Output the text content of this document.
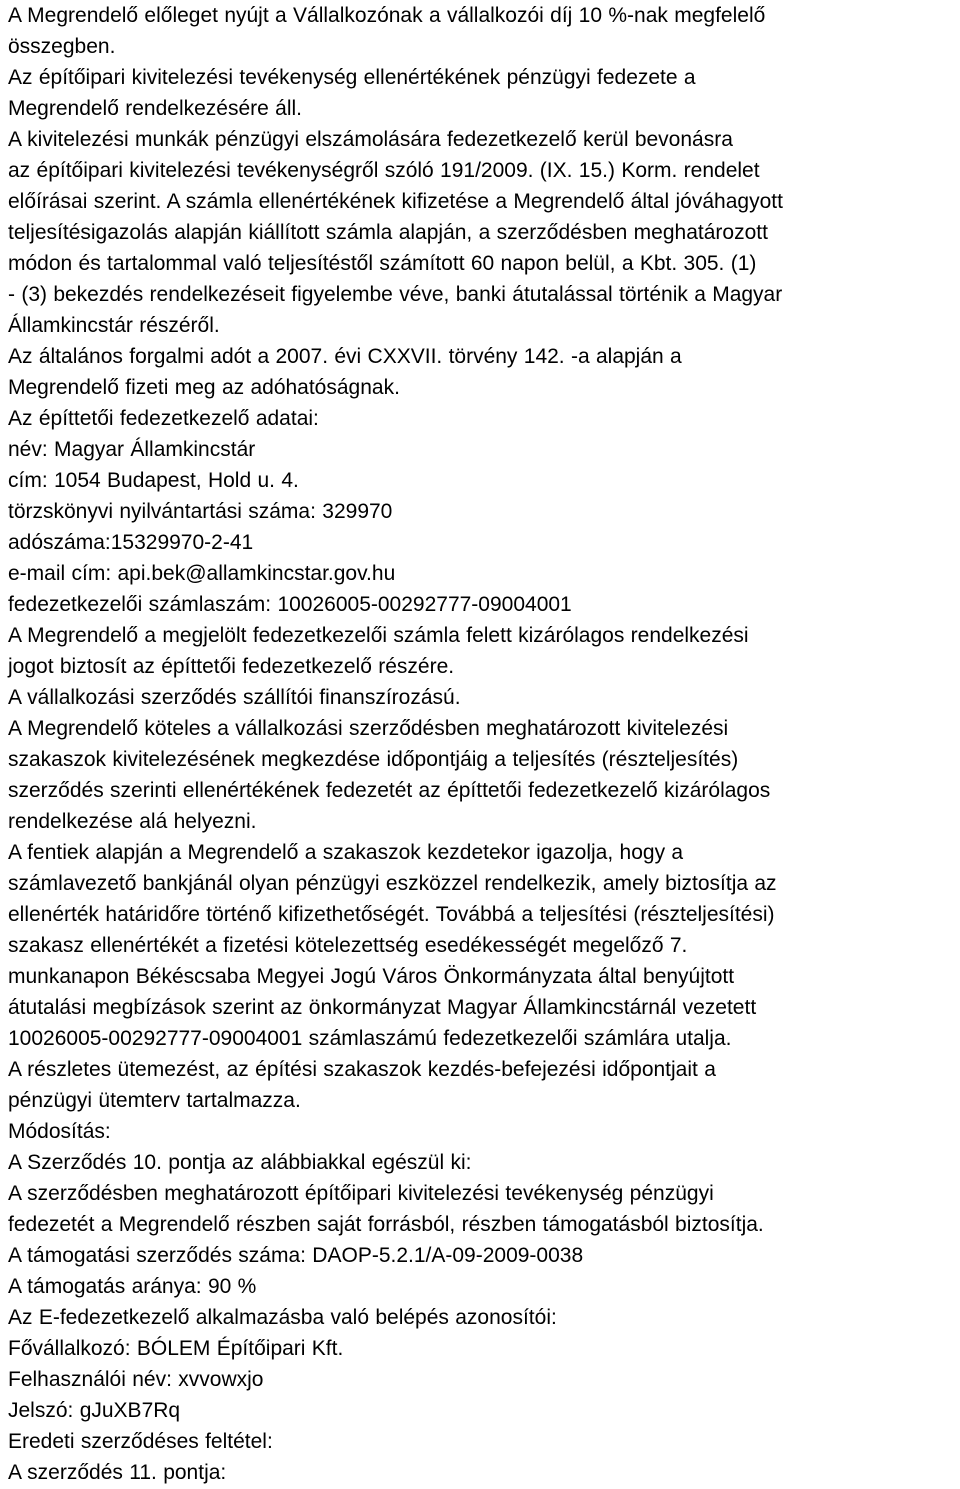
A Megrendelő előleget nyújt a Vállalkozónak a vállalkozói díj 10 %-nak megfelelő
összegben.
Az építőipari kivitelezési tevékenység ellenértékének pénzügyi fedezete a
Megrendelő rendelkezésére áll.
A kivitelezési munkák pénzügyi elszámolására fedezetkezelő kerül bevonásra
az építőipari kivitelezési tevékenységről szóló 191/2009. (IX. 15.) Korm. rendelet
előírásai szerint. A számla ellenértékének kifizetése a Megrendelő által jóváhagyott
teljesítésigazolás alapján kiállított számla alapján, a szerződésben meghatározott
módon és tartalommal való teljesítéstől számított 60 napon belül, a Kbt. 305. (1)
- (3) bekezdés rendelkezéseit figyelembe véve, banki átutalással történik a Magyar
Államkincstár részéről.
Az általános forgalmi adót a 2007. évi CXXVII. törvény 142. -a alapján a
Megrendelő fizeti meg az adóhatóságnak.
Az építtetői fedezetkezelő adatai:
név: Magyar Államkincstár
cím: 1054 Budapest, Hold u. 4.
törzskönyvi nyilvántartási száma: 329970
adószáma:15329970-2-41
e-mail cím: api.bek@allamkincstar.gov.hu
fedezetkezelői számlaszám: 10026005-00292777-09004001
A Megrendelő a megjelölt fedezetkezelői számla felett kizárólagos rendelkezési
jogot biztosít az építtetői fedezetkezelő részére.
A vállalkozási szerződés szállítói finanszírozású.
A Megrendelő köteles a vállalkozási szerződésben meghatározott kivitelezési
szakaszok kivitelezésének megkezdése időpontjáig a teljesítés (részteljesítés)
szerződés szerinti ellenértékének fedezetét az építtetői fedezetkezelő kizárólagos
rendelkezése alá helyezni.
A fentiek alapján a Megrendelő a szakaszok kezdetekor igazolja, hogy a
számlavezető bankjánál olyan pénzügyi eszközzel rendelkezik, amely biztosítja az
ellenérték határidőre történő kifizethetőségét. Továbbá a teljesítési (részteljesítési)
szakasz ellenértékét a fizetési kötelezettség esedékességét megelőző 7.
munkanapon Békéscsaba Megyei Jogú Város Önkormányzata által benyújtott
átutalási megbízások szerint az önkormányzat Magyar Államkincstárnál vezetett
10026005-00292777-09004001 számlaszámú fedezetkezelői számlára utalja.
A részletes ütemezést, az építési szakaszok kezdés-befejezési időpontjait a
pénzügyi ütemterv tartalmazza.
Módosítás:
A Szerződés 10. pontja az alábbiakkal egészül ki:
A szerződésben meghatározott építőipari kivitelezési tevékenység pénzügyi
fedezetét a Megrendelő részben saját forrásból, részben támogatásból biztosítja.
A támogatási szerződés száma: DAOP-5.2.1/A-09-2009-0038
A támogatás aránya: 90 %
Az E-fedezetkezelő alkalmazásba való belépés azonosítói:
Fővállalkozó: BÓLEM Építőipari Kft.
Felhasználói név: xvvowxjo
Jelszó: gJuXB7Rq
Eredeti szerződéses feltétel:
A szerződés 11. pontja:
